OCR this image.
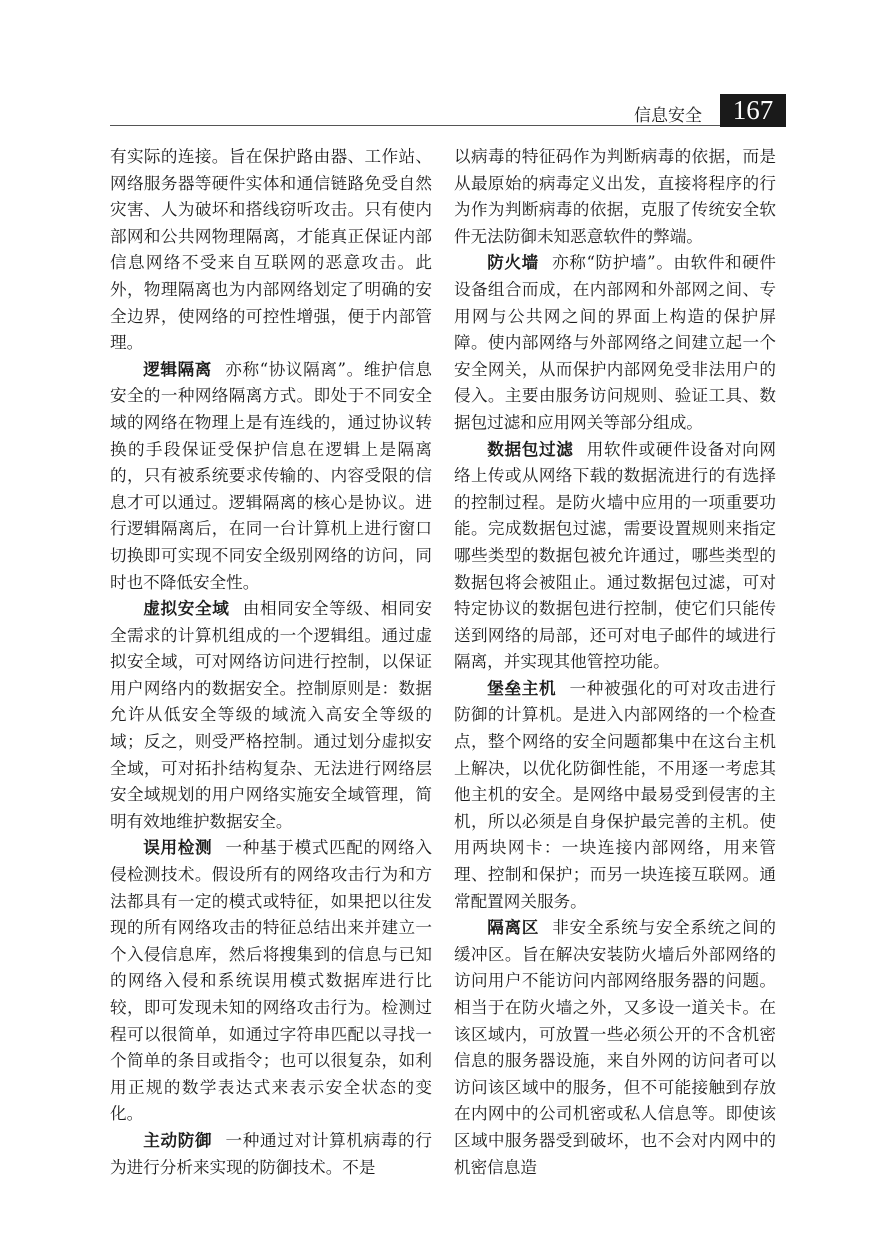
信息安全	167

有实际的连接。旨在保护路由器、工作站、网络服务器等硬件实体和通信链路免受自然灾害、人为破坏和搭线窃听攻击。只有使内部网和公共网物理隔离，才能真正保证内部信息网络不受来自互联网的恶意攻击。此外，物理隔离也为内部网络划定了明确的安全边界，使网络的可控性增强，便于内部管理。

逻辑隔离 亦称“协议隔离”。维护信息安全的一种网络隔离方式。即处于不同安全域的网络在物理上是有连线的，通过协议转换的手段保证受保护信息在逻辑上是隔离的，只有被系统要求传输的、内容受限的信息才可以通过。逻辑隔离的核心是协议。进行逻辑隔离后，在同一台计算机上进行窗口切换即可实现不同安全级别网络的访问，同时也不降低安全性。

虚拟安全域 由相同安全等级、相同安全需求的计算机组成的一个逻辑组。通过虚拟安全域，可对网络访问进行控制，以保证用户网络内的数据安全。控制原则是：数据允许从低安全等级的域流入高安全等级的域；反之，则受严格控制。通过划分虚拟安全域，可对拓扑结构复杂、无法进行网络层安全域规划的用户网络实施安全域管理，简明有效地维护数据安全。

误用检测 一种基于模式匹配的网络入侵检测技术。假设所有的网络攻击行为和方法都具有一定的模式或特征，如果把以往发现的所有网络攻击的特征总结出来并建立一个入侵信息库，然后将搜集到的信息与已知的网络入侵和系统误用模式数据库进行比较，即可发现未知的网络攻击行为。检测过程可以很简单，如通过字符串匹配以寻找一个简单的条目或指令；也可以很复杂，如利用正规的数学表达式来表示安全状态的变化。

主动防御 一种通过对计算机病毒的行为进行分析来实现的防御技术。不是

以病毒的特征码作为判断病毒的依据，而是从最原始的病毒定义出发，直接将程序的行为作为判断病毒的依据，克服了传统安全软件无法防御未知恶意软件的弊端。

防火墙 亦称“防护墙”。由软件和硬件设备组合而成，在内部网和外部网之间、专用网与公共网之间的界面上构造的保护屏障。使内部网络与外部网络之间建立起一个安全网关，从而保护内部网免受非法用户的侵入。主要由服务访问规则、验证工具、数据包过滤和应用网关等部分组成。

数据包过滤 用软件或硬件设备对向网络上传或从网络下载的数据流进行的有选择的控制过程。是防火墙中应用的一项重要功能。完成数据包过滤，需要设置规则来指定哪些类型的数据包被允许通过，哪些类型的数据包将会被阻止。通过数据包过滤，可对特定协议的数据包进行控制，使它们只能传送到网络的局部，还可对电子邮件的域进行隔离，并实现其他管控功能。

堡垒主机 一种被强化的可对攻击进行防御的计算机。是进入内部网络的一个检查点，整个网络的安全问题都集中在这台主机上解决，以优化防御性能，不用逐一考虑其他主机的安全。是网络中最易受到侵害的主机，所以必须是自身保护最完善的主机。使用两块网卡：一块连接内部网络，用来管理、控制和保护；而另一块连接互联网。通常配置网关服务。

隔离区 非安全系统与安全系统之间的缓冲区。旨在解决安装防火墙后外部网络的访问用户不能访问内部网络服务器的问题。相当于在防火墙之外，又多设一道关卡。在该区域内，可放置一些必须公开的不含机密信息的服务器设施，来自外网的访问者可以访问该区域中的服务，但不可能接触到存放在内网中的公司机密或私人信息等。即使该区域中服务器受到破坏，也不会对内网中的机密信息造
